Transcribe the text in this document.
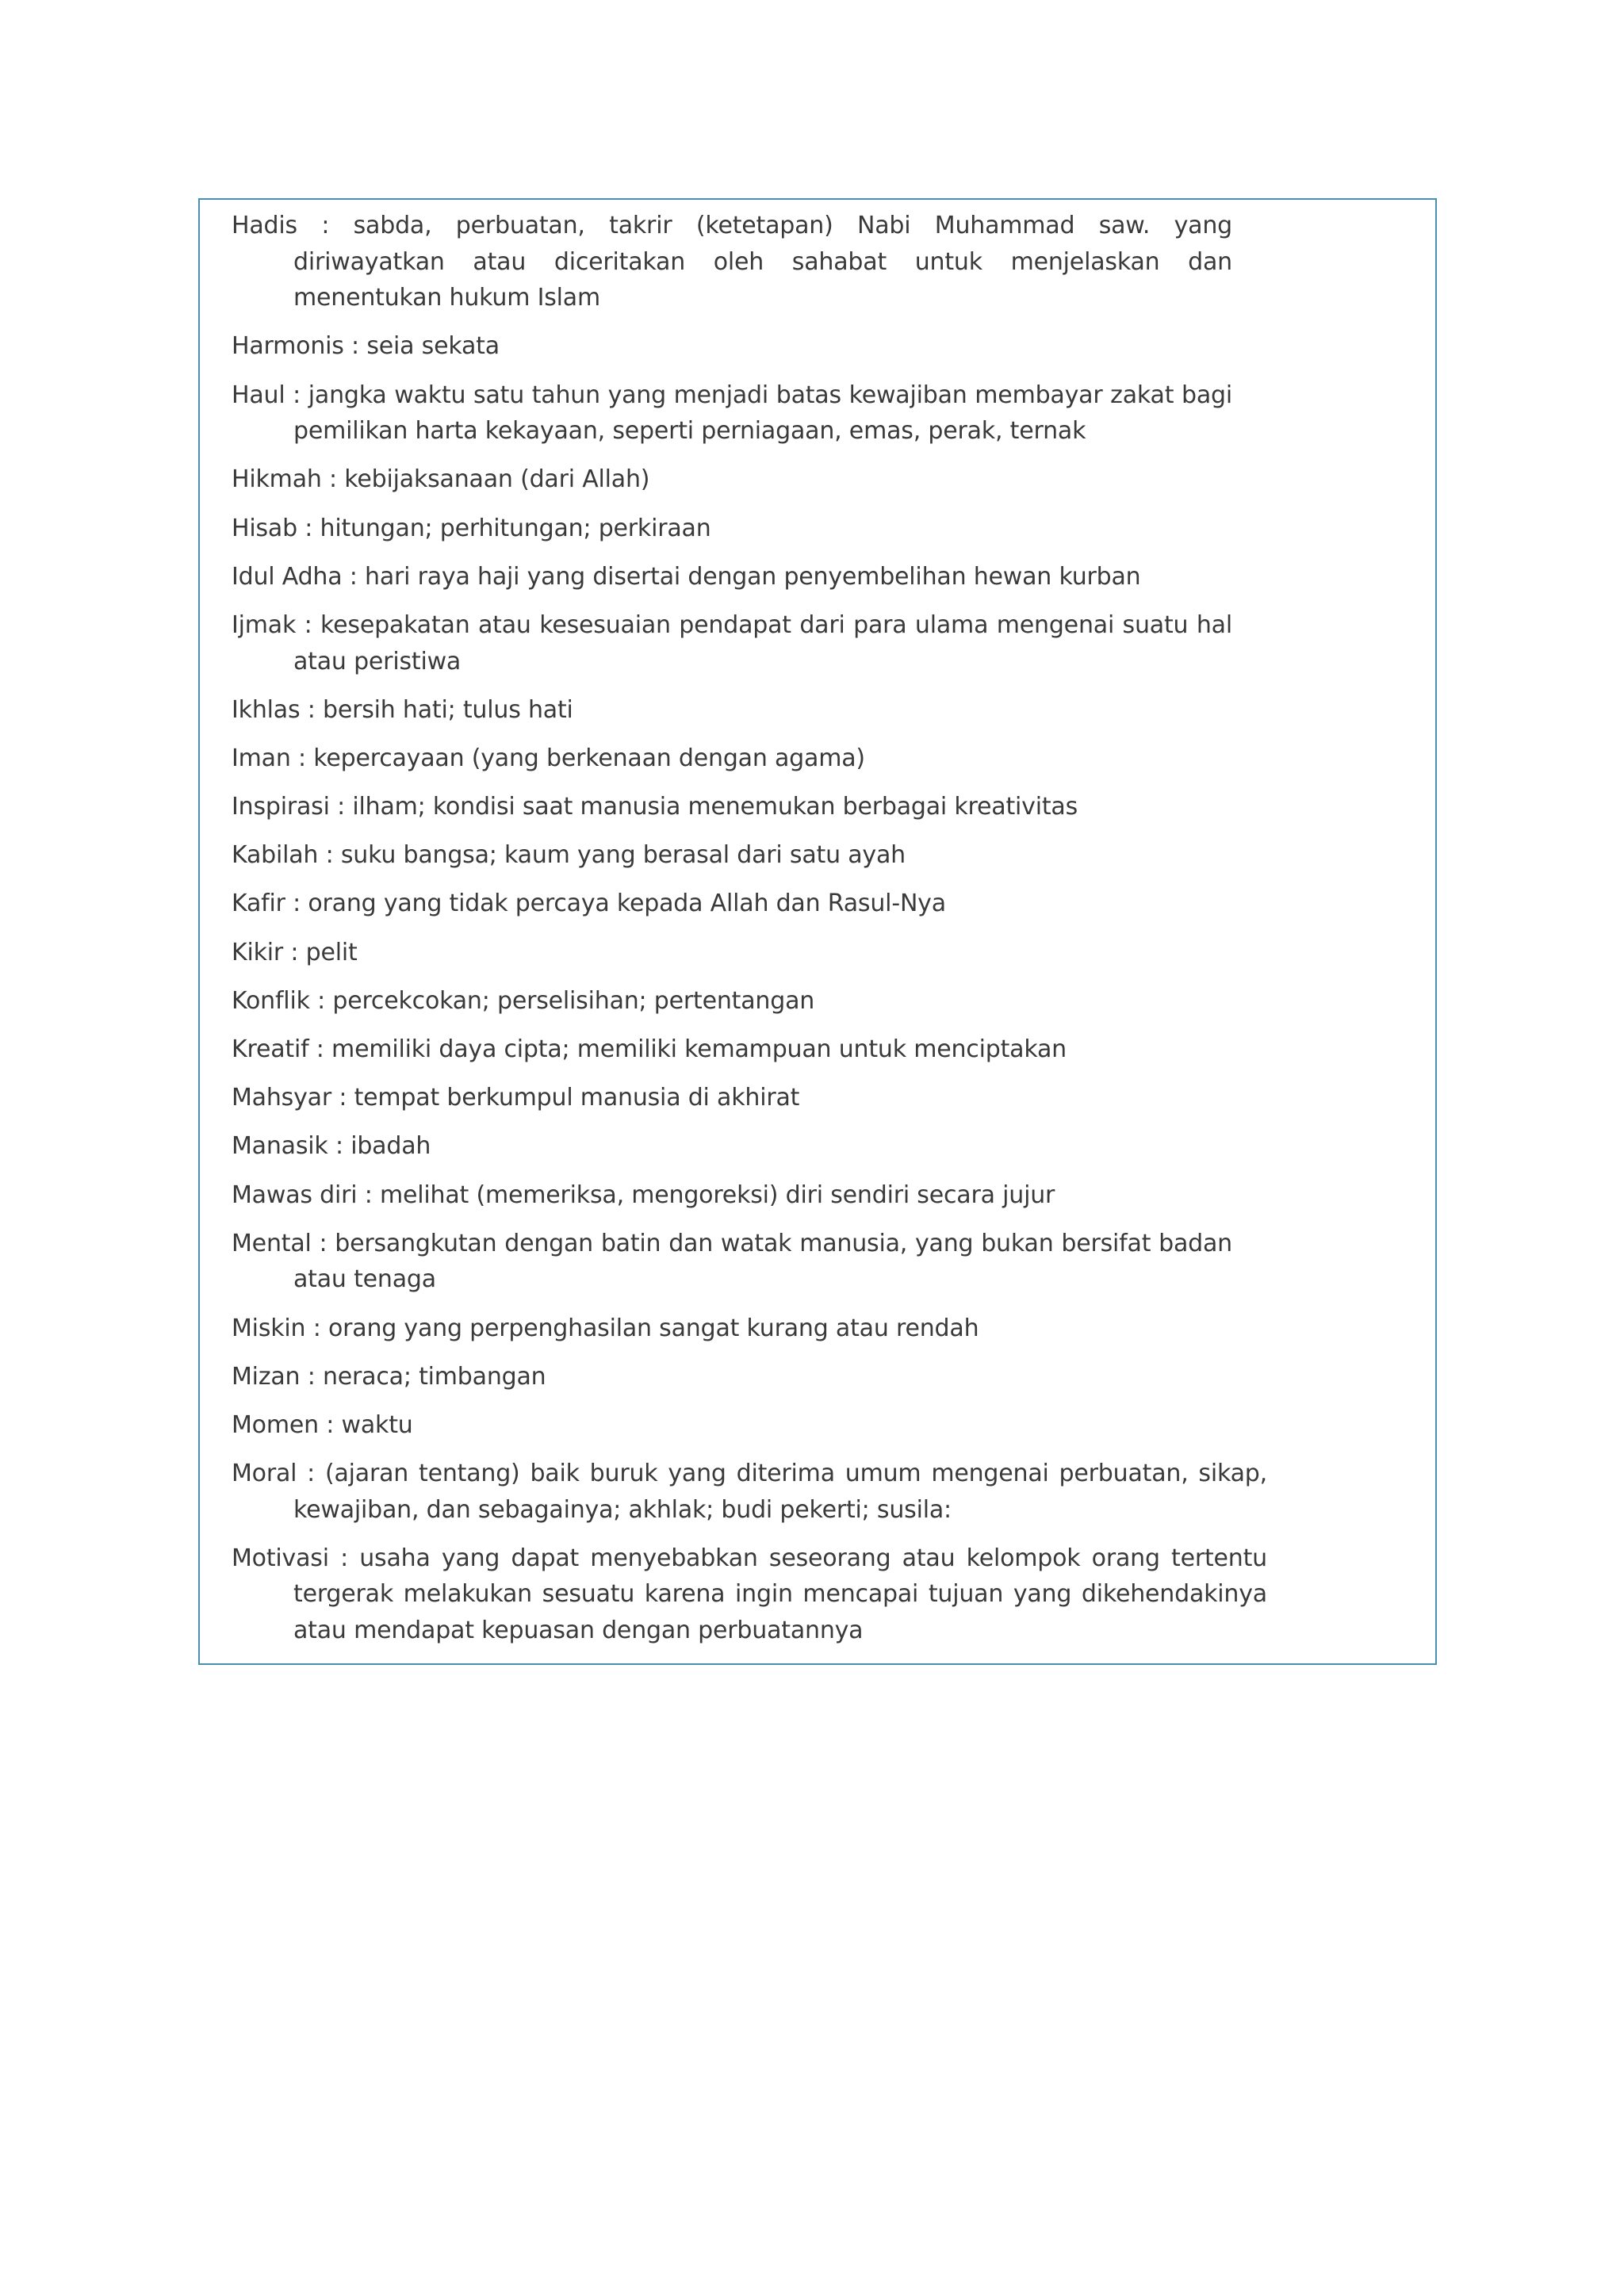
Hadis : sabda, perbuatan, takrir (ketetapan) Nabi Muhammad saw. yang diriwayatkan atau diceritakan oleh sahabat untuk menjelaskan dan menentukan hukum Islam

Harmonis : seia sekata

Haul : jangka waktu satu tahun yang menjadi batas kewajiban membayar zakat bagi pemilikan harta kekayaan, seperti perniagaan, emas, perak, ternak

Hikmah : kebijaksanaan (dari Allah)

Hisab : hitungan; perhitungan; perkiraan

Idul Adha : hari raya haji yang disertai dengan penyembelihan hewan kurban

Ijmak : kesepakatan atau kesesuaian pendapat dari para ulama mengenai suatu hal atau peristiwa

Ikhlas : bersih hati; tulus hati

Iman : kepercayaan (yang berkenaan dengan agama)

Inspirasi : ilham; kondisi saat manusia menemukan berbagai kreativitas

Kabilah : suku bangsa; kaum yang berasal dari satu ayah

Kafir : orang yang tidak percaya kepada Allah dan Rasul-Nya

Kikir : pelit

Konflik : percekcokan; perselisihan; pertentangan

Kreatif : memiliki daya cipta; memiliki kemampuan untuk menciptakan

Mahsyar : tempat berkumpul manusia di akhirat

Manasik : ibadah

Mawas diri : melihat (memeriksa, mengoreksi) diri sendiri secara jujur

Mental : bersangkutan dengan batin dan watak manusia, yang bukan bersifat badan atau tenaga

Miskin : orang yang perpenghasilan sangat kurang atau rendah

Mizan : neraca; timbangan

Momen : waktu

Moral : (ajaran tentang) baik buruk yang diterima umum mengenai perbuatan, sikap, kewajiban, dan sebagainya; akhlak; budi pekerti; susila:

Motivasi : usaha yang dapat menyebabkan seseorang atau kelompok orang tertentu tergerak melakukan sesuatu karena ingin mencapai tujuan yang dikehendakinya atau mendapat kepuasan dengan perbuatannya
